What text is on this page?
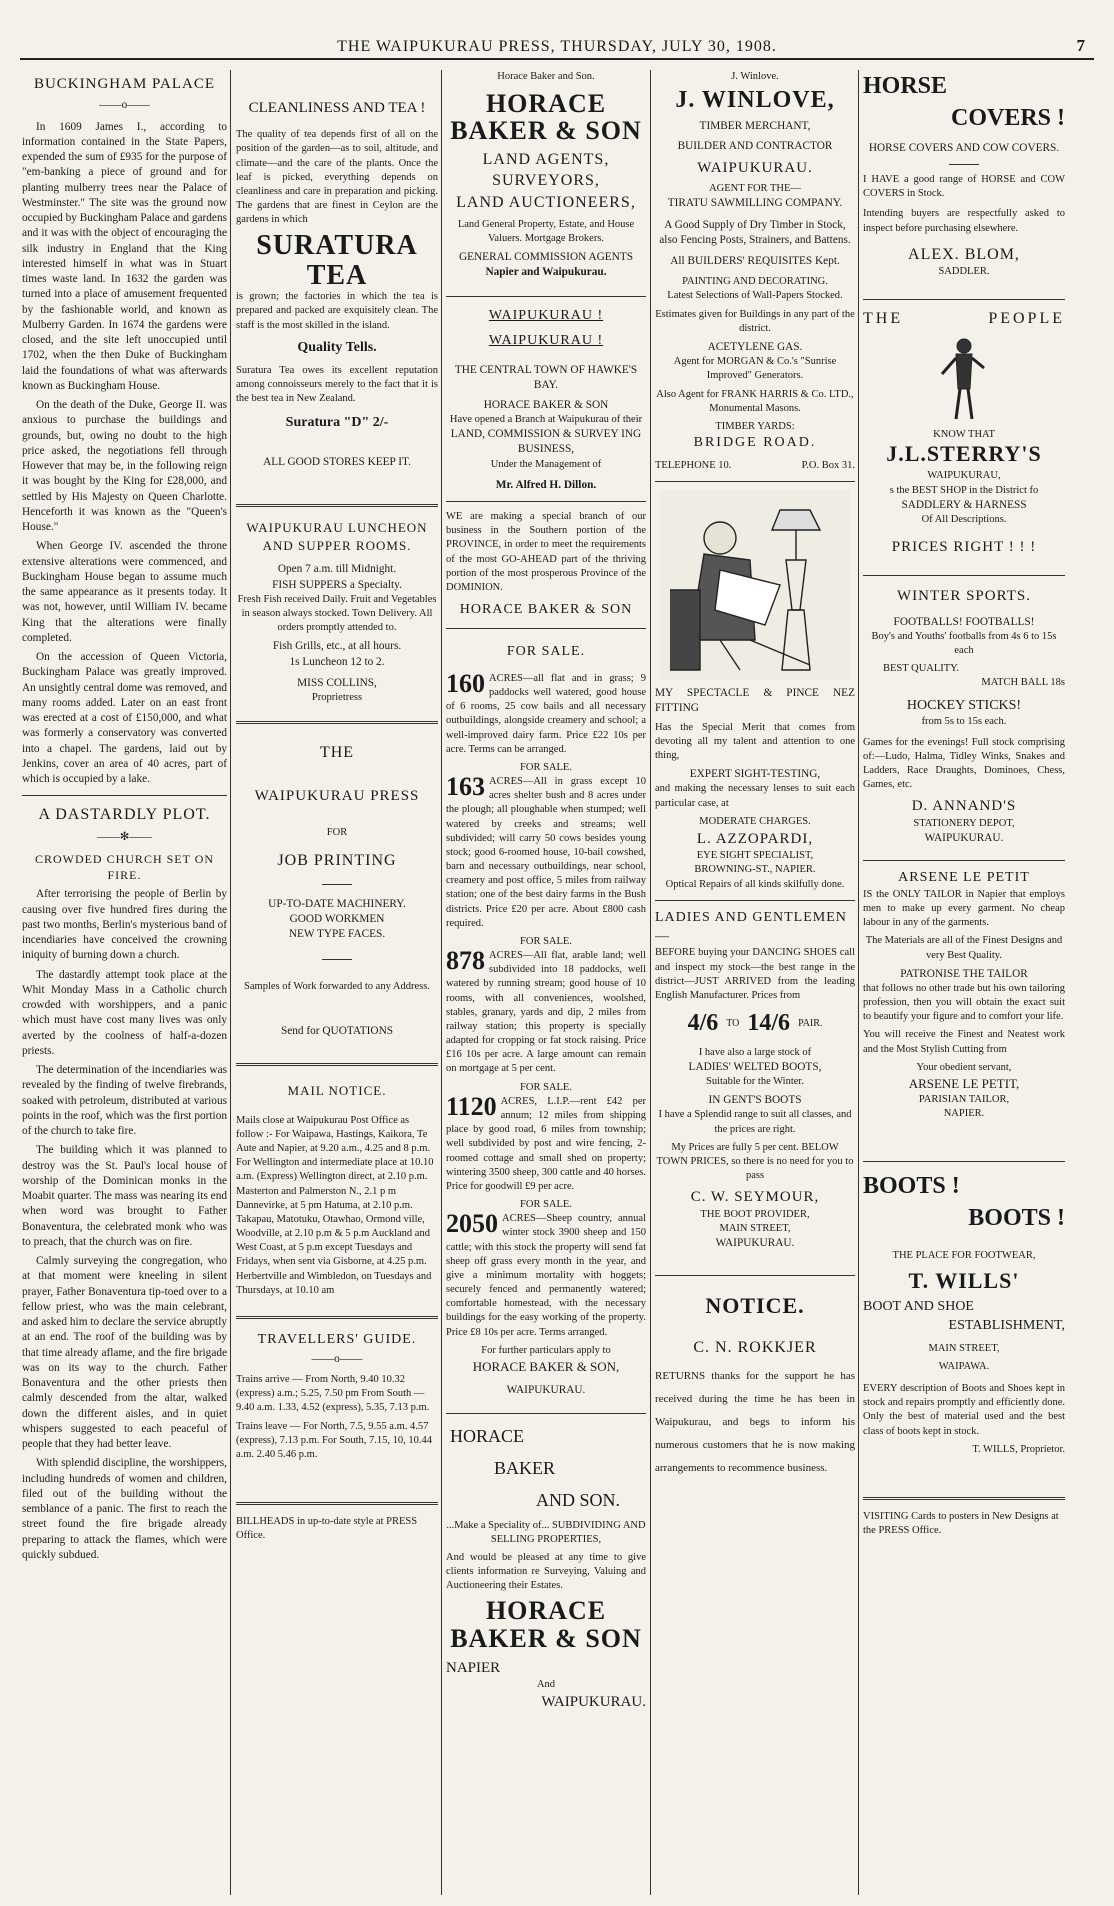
THE WAIPUKURAU PRESS, THURSDAY, JULY 30, 1908.	7
BUCKINGHAM PALACE
——o——

In 1609 James I., according to information contained in the State Papers, expended the sum of £935 for the purpose of "em-banking a piece of ground and for planting mulberry trees near the Palace of Westminster." The site was the ground now occupied by Buckingham Palace and gardens and it was with the object of encouraging the silk industry in England that the King interested himself in what was in Stuart times waste land. In 1632 the garden was turned into a place of amusement frequented by the fashionable world, and known as Mulberry Garden. In 1674 the gardens were closed, and the site left unoccupied until 1702, when the then Duke of Buckingham laid the foundations of what was afterwards known as Buckingham House.

On the death of the Duke, George II. was anxious to purchase the buildings and grounds, but, owing no doubt to the high price asked, the negotiations fell through However that may be, in the following reign it was bought by the King for £28,000, and settled by His Majesty on Queen Charlotte. Henceforth it was known as the "Queen's House."

When George IV. ascended the throne extensive alterations were commenced, and Buckingham House began to assume much the same appearance as it presents today. It was not, however, until William IV. became King that the alterations were finally completed.

On the accession of Queen Victoria, Buckingham Palace was greatly improved. An unsightly central dome was removed, and many rooms added. Later on an east front was erected at a cost of £150,000, and what was formerly a conservatory was converted into a chapel. The gardens, laid out by Jenkins, cover an area of 40 acres, part of which is occupied by a lake.

A DASTARDLY PLOT.
——✻——
CROWDED CHURCH SET ON FIRE.

After terrorising the people of Berlin by causing over five hundred fires during the past two months, Berlin's mysterious band of incendiaries have conceived the crowning iniquity of burning down a church.

The dastardly attempt took place at the Whit Monday Mass in a Catholic church crowded with worshippers, and a panic which must have cost many lives was only averted by the coolness of half-a-dozen priests.

The determination of the incendiaries was revealed by the finding of twelve firebrands, soaked with petroleum, distributed at various points in the roof, which was the first portion of the church to take fire.

The building which it was planned to destroy was the St. Paul's local house of worship of the Dominican monks in the Moabit quarter. The mass was nearing its end when word was brought to Father Bonaventura, the celebrated monk who was to preach, that the church was on fire.

Calmly surveying the congregation, who at that moment were kneeling in silent prayer, Father Bonaventura tip-toed over to a fellow priest, who was the main celebrant, and asked him to declare the service abruptly at an end. The roof of the building was by that time already aflame, and the fire brigade was on its way to the church. Father Bonaventura and the other priests then calmly descended from the altar, walked down the different aisles, and in quiet whispers suggested to each peaceful of people that they had better leave.

With splendid discipline, the worshippers, including hundreds of women and children, filed out of the building without the semblance of a panic. The first to reach the street found the fire brigade already preparing to attack the flames, which were quickly subdued.

CLEANLINESS AND TEA !

The quality of tea depends first of all on the position of the garden—as to soil, altitude, and climate—and the care of the plants. Once the leaf is picked, everything depends on cleanliness and care in preparation and picking. The gardens that are finest in Ceylon are the gardens in which

SURATURA TEA

is grown; the factories in which the tea is prepared and packed are exquisitely clean. The staff is the most skilled in the island.

Quality Tells.

Suratura Tea owes its excellent reputation among connoisseurs merely to the fact that it is the best tea in New Zealand.

Suratura "D" 2/-
ALL GOOD STORES KEEP IT.
WAIPUKURAU LUNCHEON AND SUPPER ROOMS.
Open 7 a.m. till Midnight.
FISH SUPPERS a Specialty.

Fresh Fish received Daily. Fruit and Vegetables in season always stocked. Town Delivery. All orders promptly attended to.

Fish Grills, etc., at all hours.
1s Luncheon 12 to 2.
MISS COLLINS,
Proprietress
THE
WAIPUKURAU PRESS
FOR
JOB PRINTING
UP-TO-DATE MACHINERY.
GOOD WORKMEN
NEW TYPE FACES.
Samples of Work forwarded to any Address.
Send for QUOTATIONS
MAIL NOTICE.

Mails close at Waipukurau Post Office as follow :- For Waipawa, Hastings, Kaikora, Te Aute and Napier, at 9.20 a.m., 4.25 and 8 p.m. For Wellington and intermediate place at 10.10 a.m. (Express) Wellington direct, at 2.10 p.m. Masterton and Palmerston N., 2.1 p m Dannevirke, at 5 pm Hatuma, at 2.10 p.m. Takapau, Matotuku, Otawhao, Ormond ville, Woodville, at 2.10 p.m & 5 p.m Auckland and West Coast, at 5 p.m except Tuesdays and Fridays, when sent via Gisborne, at 4.25 p.m. Herbertville and Wimbledon, on Tuesdays and Thursdays, at 10.10 am

TRAVELLERS' GUIDE.
——o——

Trains arrive — From North, 9.40 10.32 (express) a.m.; 5.25, 7.50 pm From South — 9.40 a.m. 1.33, 4.52 (express), 5.35, 7.13 p.m.

Trains leave — For North, 7.5, 9.55 a.m. 4.57 (express), 7.13 p.m. For South, 7.15, 10, 10.44 a.m. 2.40 5.46 p.m.

BILLHEADS in up-to-date style at PRESS Office.

Horace Baker and Son.
HORACE BAKER & SON
LAND AGENTS,
SURVEYORS,
LAND AUCTIONEERS,

Land General Property, Estate, and House Valuers. Mortgage Brokers.

GENERAL COMMISSION AGENTS
Napier and Waipukurau.
WAIPUKURAU !
WAIPUKURAU !
THE CENTRAL TOWN OF HAWKE'S BAY.
HORACE BAKER & SON
Have opened a Branch at Waipukurau of their
LAND, COMMISSION & SURVEY ING BUSINESS,
Under the Management of
Mr. Alfred H. Dillon.

WE are making a special branch of our business in the Southern portion of the PROVINCE, in order to meet the requirements of the most GO-AHEAD part of the thriving portion of the most prosperous Province of the DOMINION.

HORACE BAKER & SON
FOR SALE.

160 ACRES—all flat and in grass; 9 paddocks well watered, good house of 6 rooms, 25 cow bails and all necessary outbuildings, alongside creamery and school; a well-improved dairy farm. Price £22 10s per acre. Terms can be arranged.

FOR SALE.

163 ACRES—All in grass except 10 acres shelter bush and 8 acres under the plough; all ploughable when stumped; well watered by creeks and streams; well subdivided; will carry 50 cows besides young stock; good 6-roomed house, 10-bail cowshed, barn and necessary outbuildings, near school, creamery and post office, 5 miles from railway station; one of the best dairy farms in the Bush districts. Price £20 per acre. About £800 cash required.

FOR SALE.

878 ACRES—All flat, arable land; well subdivided into 18 paddocks, well watered by running stream; good house of 10 rooms, with all conveniences, woolshed, stables, granary, yards and dip, 2 miles from railway station; this property is specially adapted for cropping or fat stock raising. Price £16 10s per acre. A large amount can remain on mortgage at 5 per cent.

FOR SALE.

1120 ACRES, L.I.P.—rent £42 per annum; 12 miles from shipping place by good road, 6 miles from township; well subdivided by post and wire fencing, 2-roomed cottage and small shed on property; wintering 3500 sheep, 300 cattle and 40 horses. Price for goodwill £9 per acre.

FOR SALE.

2050 ACRES—Sheep country, annual winter stock 3900 sheep and 150 cattle; with this stock the property will send fat sheep off grass every month in the year, and give a minimum mortality with hoggets; securely fenced and permanently watered; comfortable homestead, with the necessary buildings for the easy working of the property. Price £8 10s per acre. Terms arranged.

For further particulars apply to
HORACE BAKER & SON,
WAIPUKURAU.
HORACE
BAKER
AND SON.

...Make a Speciality of... SUBDIVIDING AND SELLING PROPERTIES,

And would be pleased at any time to give clients information re Surveying, Valuing and Auctioneering their Estates.

HORACE BAKER & SON
NAPIER
And
WAIPUKURAU.
J. Winlove.
J. WINLOVE,
TIMBER MERCHANT,
BUILDER AND CONTRACTOR
WAIPUKURAU.
AGENT FOR THE—
TIRATU SAWMILLING COMPANY.

A Good Supply of Dry Timber in Stock, also Fencing Posts, Strainers, and Battens.

All BUILDERS' REQUISITES Kept.
PAINTING AND DECORATING.

Latest Selections of Wall-Papers Stocked.

Estimates given for Buildings in any part of the district.

ACETYLENE GAS.

Agent for MORGAN & Co.'s "Sunrise Improved" Generators.

Also Agent for FRANK HARRIS & Co. LTD., Monumental Masons.

TIMBER YARDS:
BRIDGE ROAD.
TELEPHONE 10.	P.O. Box 31.

MY SPECTACLE & PINCE NEZ FITTING

Has the Special Merit that comes from devoting all my talent and attention to one thing,

EXPERT SIGHT-TESTING,

and making the necessary lenses to suit each particular case, at

MODERATE CHARGES.
L. AZZOPARDI,
EYE SIGHT SPECIALIST,
BROWNING-ST., NAPIER.

Optical Repairs of all kinds skilfully done.

LADIES AND GENTLEMEN—

BEFORE buying your DANCING SHOES call and inspect my stock—the best range in the district—JUST ARRIVED from the leading English Manufacturer. Prices from

4/6 TO 14/6 PAIR.
I have also a large stock of
LADIES' WELTED BOOTS,
Suitable for the Winter.
IN GENT'S BOOTS

I have a Splendid range to suit all classes, and the prices are right.

My Prices are fully 5 per cent. BELOW TOWN PRICES, so there is no need for you to pass

C. W. SEYMOUR,
THE BOOT PROVIDER,
MAIN STREET,
WAIPUKURAU.
NOTICE.
C. N. ROKKJER

RETURNS thanks for the support he has received during the time he has been in Waipukurau, and begs to inform his numerous customers that he is now making arrangements to recommence business.

HORSE
COVERS !
HORSE COVERS AND COW COVERS.

I HAVE a good range of HORSE and COW COVERS in Stock.

Intending buyers are respectfully asked to inspect before purchasing elsewhere.

ALEX. BLOM,
SADDLER.
THE	PEOPLE
KNOW THAT
J.L.STERRY'S
WAIPUKURAU,
s the BEST SHOP in the District fo
SADDLERY & HARNESS
Of All Descriptions.
PRICES RIGHT ! ! !
WINTER SPORTS.
FOOTBALLS! FOOTBALLS!

Boy's and Youths' footballs from 4s 6 to 15s each

BEST QUALITY.
MATCH BALL 18s
HOCKEY STICKS!
from 5s to 15s each.

Games for the evenings! Full stock comprising of:—Ludo, Halma, Tidley Winks, Snakes and Ladders, Race Draughts, Dominoes, Chess, Games, etc.

D. ANNAND'S
STATIONERY DEPOT,
WAIPUKURAU.
ARSENE LE PETIT

IS the ONLY TAILOR in Napier that employs men to make up every garment. No cheap labour in any of the garments.

The Materials are all of the Finest Designs and very Best Quality.

PATRONISE THE TAILOR

that follows no other trade but his own tailoring profession, then you will obtain the exact suit to beautify your figure and to comfort your life.

You will receive the Finest and Neatest work and the Most Stylish Cutting from

Your obedient servant,
ARSENE LE PETIT,
PARISIAN TAILOR,
NAPIER.
BOOTS !
BOOTS !
THE PLACE FOR FOOTWEAR,
T. WILLS'
BOOT AND SHOE
ESTABLISHMENT,
MAIN STREET,
WAIPAWA.

EVERY description of Boots and Shoes kept in stock and repairs promptly and efficiently done. Only the best of material used and the best class of boots kept in stock.

T. WILLS, Proprietor.

VISITING Cards to posters in New Designs at the PRESS Office.
